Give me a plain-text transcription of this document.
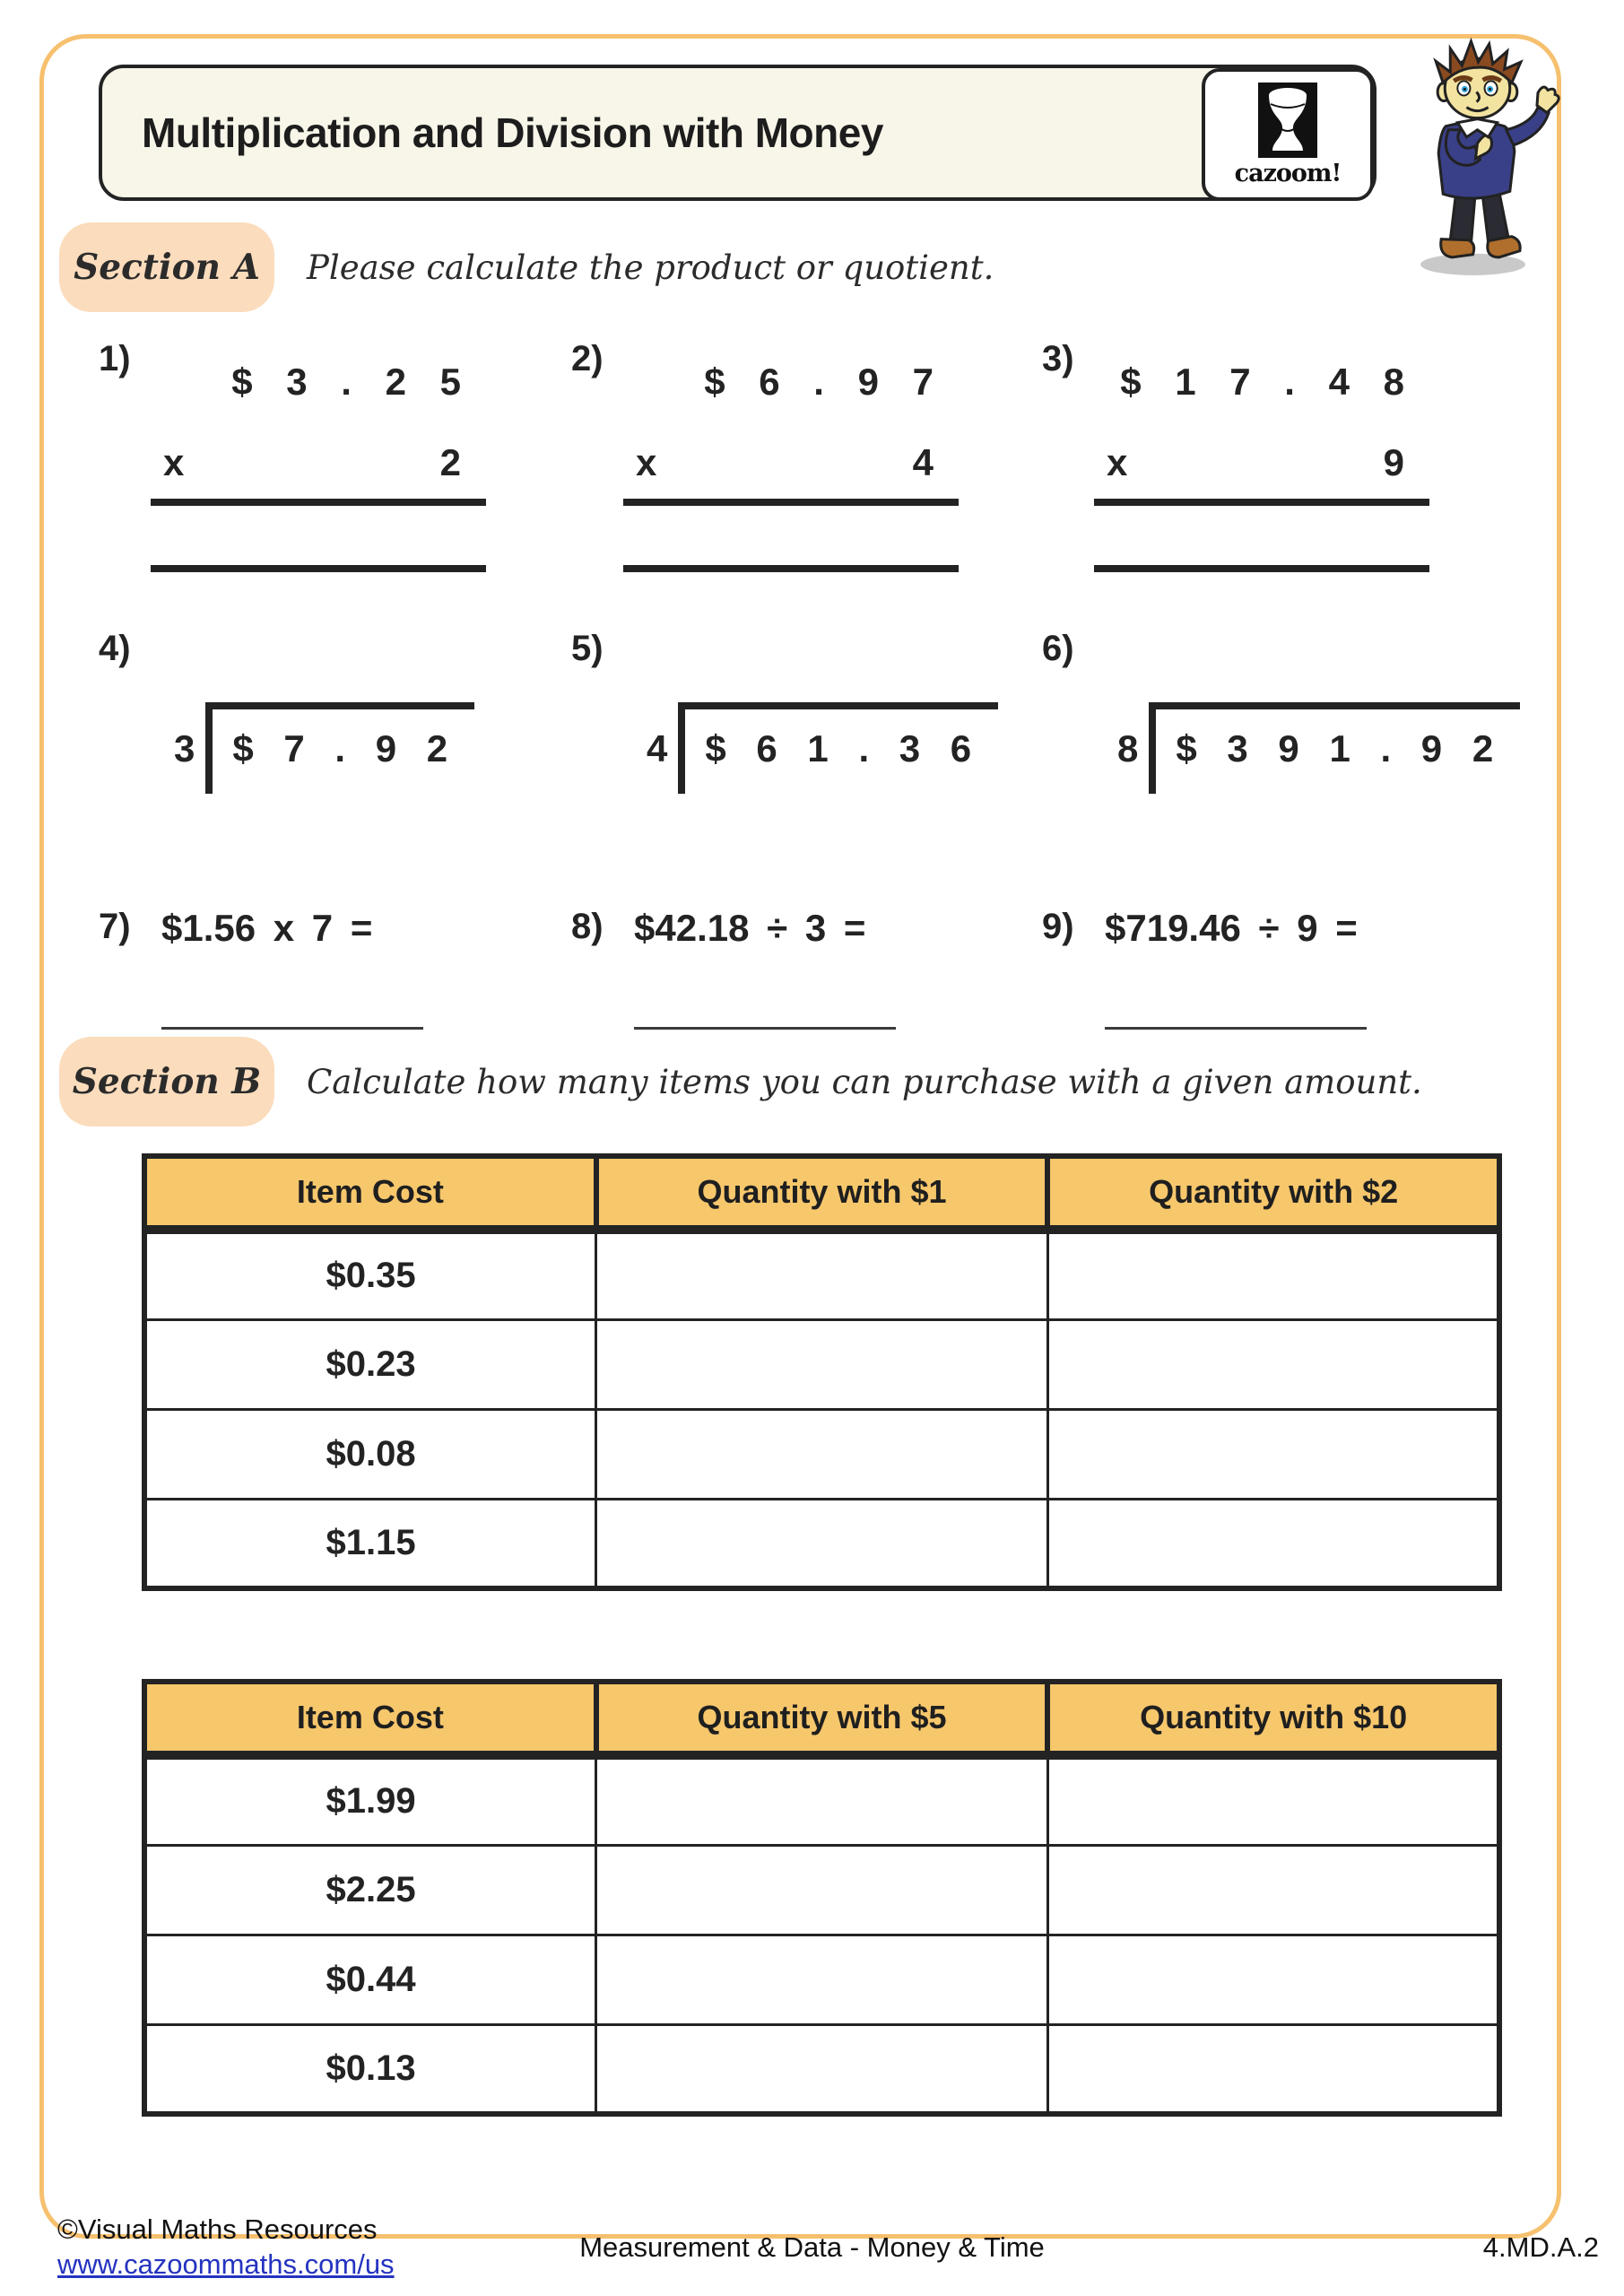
Multiplication and Division with Money
cazoom!
Section A Please calculate the product or quotient.
1)
$ 3 . 2 5
x	2
2)
$ 6 . 9 7
x	4
3)
$ 1 7 . 4 8
x	9
4)
3	$ 7 . 9 2
5)
4	$ 6 1 . 3 6
6)
8	$ 3 9 1 . 9 2
7) $1.56 x 7 =	8) $42.18 ÷ 3 =	9) $719.46 ÷ 9 =
Section B Calculate how many items you can purchase with a given amount.
Item Cost	Quantity with $1	Quantity with $2
$0.35		
$0.23		
$0.08		
$1.15		
Item Cost	Quantity with $5	Quantity with $10
$1.99		
$2.25		
$0.44		
$0.13		
©Visual Maths Resources
www.cazoommaths.com/us
Measurement & Data - Money & Time	4.MD.A.2
